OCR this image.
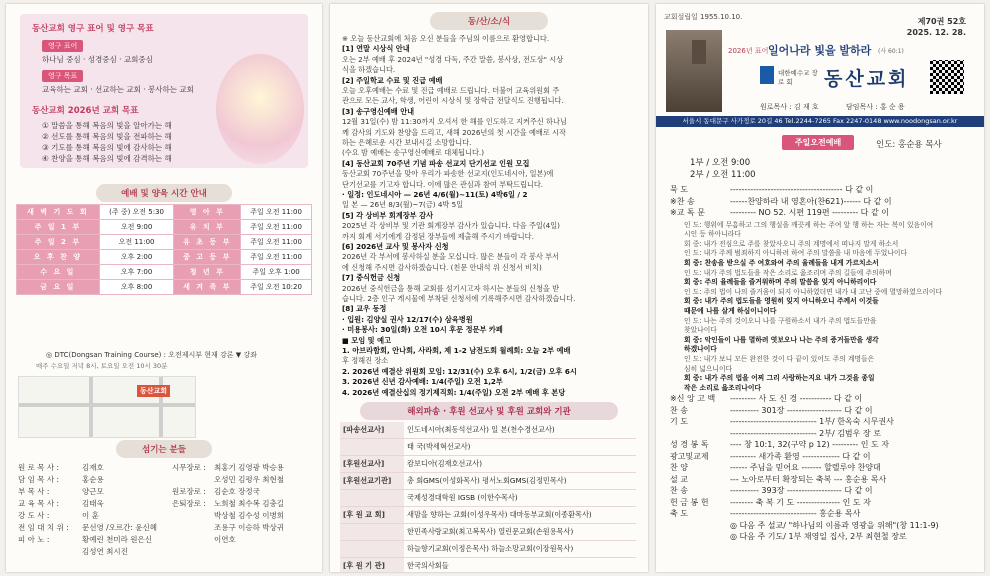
동산교회 영구 표어 및 영구 목표
영구 표어
하나님 중심 · 성경중심 · 교회중심
영구 목표
교육하는 교회 · 선교하는 교회 · 봉사하는 교회
동산교회 2026년 교회 목표
① 말씀을 통해 복음의 빛을 알아가는 해
② 선도를 통해 복음의 빛을 전파하는 해
③ 기도를 통해 복음의 빛에 감사하는 해
④ 찬양을 통해 복음의 빛에 감격하는 해
예배 및 양육 시간 안내
새 벽 기 도 회	(주 중) 오전 5:30	영 아 부	주일 오전 11:00
주 일 1 부	오전 9:00	유 치 부	주일 오전 11:00
주 일 2 부	오전 11:00	유 초 등 부	주일 오전 11:00
오 후 찬 양	오후 2:00	중 고 등 부	주일 오전 11:00
수 요 일	오후 7:00	청 년 부	주일 오후 1:00
금 요 일	오후 8:00	세 겨 족 부	주일 오전 10:20
◎ DTC(Dongsan Training Course) : 오전제시부 현재 강론 ▼ 강좌
매주 수요일 저녁 8시, 토요일 오전 10시 30분
동산교회
섬기는 분들
원 로 목 사 :	김재호	시무장로 : 최홍기 김영광 박승용
담 임 목 사 :	홍순용	오성민 김평우 최현철
부 목 사 :	양근모	원로장로 : 김순호 장정국
교 육 목 사 :	김태욱	은퇴장로 : 노희철 최수복 김충길
강 도 사 :	이 훈	박상철 김수성 이병희
전 임 대 치 위 : 문선영 /오르간: 윤신혜	조용구 이승하 박상귀
피 아 노 :	황예린 천미라 원은신	이연호
김성연 최시진
동/산/소/식
※ 오늘 동산교회에 처음 오신 분들을 주님의 이름으로 환영합니다.
[1] 연말 시상식 안내
오는 2부 예배 후 2024년 "성경 다독, 주간 말씀, 봉사상, 전도상" 시상
식을 하겠습니다.
[2] 주일학교 수료 및 진급 예배
오늘 오후예배는 수료 및 진급 예배로 드립니다. 더불어 교육위원회 주
관으로 모든 교사, 학생, 어린이 시상식 및 장학금 전달식도 진행됩니다.
[3] 송구영신예배 안내
12월 31일(수) 밤 11:30까지 오셔서 한 해를 인도하고 지켜주신 하나님
께 감사의 기도와 찬양을 드리고, 새해 2026년의 첫 시간을 예배로 시작
하는 은혜로운 시간 보내시길 소망합니다.
(수요 밤 예배는 송구영신예배로 대체됩니다.)
[4] 동산교회 70주년 기념 파송 선교지 단기선교 인원 모집
동산교회 70주년을 맞아 우리가 파송한 선교지(인도네시아, 일본)에
단기선교를 기고자 합니다. 이에 많은 관심과 참여 부탁드립니다.
· 일정: 인도네시아 — 26년 4/6(월)~11(토) 4박6일 / 2
일 본 — 26년 8/3(월)~7(금) 4박 5일
[5] 각 상비부 회계장부 감사
2025년 각 상비부 및 기관 회계장부 감사가 있습니다. 다음 주일(4일)
까지 회계 서기에게 감정된 장부들에 제출해 주시기 바랍니다.
[6] 2026년 교사 및 봉사자 신청
2026년 각 부서에 봉사하실 분을 모십니다. 많은 분들이 각 봉사 부서
에 신청해 주시면 감사하겠습니다. (친문 안내석 위 신청서 비치)
[7] 중식헌금 신청
2026년 중식헌금을 통해 교회를 섬기시고자 하시는 분들의 신청을 받
습니다. 2층 인구 게시물에 부착된 신청서에 기록해주시면 감사하겠습니다.
[8] 교우 동정
· 입원: 김양실 권사 12/17(수) 삼육병원
· 미용봉사: 30일(화) 오전 10시 후문 정문부 카페
■ 모임 및 예고
1. 아브라함회, 안나회, 사라회, 제 1-2 남전도회 월례회: 오늘 2부 예배
후 정해진 장소
2. 2026년 예결산 위원회 모임: 12/31(수) 오후 6시, 1/2(금) 오후 6시
3. 2026년 신년 감사예배: 1/4(주일) 오전 1,2부
4. 2026년 예결산십의 정기제직회: 1/4(주일) 오전 2부 예배 후 본당
해외파송 · 후원 선교사 및 후원 교회와 기관
[파송선교사]	인도네시아(최동석선교사) 일 본(천수경선교사)
	태 국(박세혁선교사)
[후원선교사]	캄보디아(김재호선교사)
[후원선교기관]	총 회GMS(이성화목사) 평서노회GMS(김정민목사)
	국제성경대학원 IGSB (이한수목사)
[후 원 교 회]	새맘을 향하는 교회(이성우목사) 대마동부교회(이종환목사)
	한민족사랑교회(최고복목사) 열린문교회(손원용목사)
	하늘향기교회(이정은목사) 하늘소망교회(이장원목사)
[후 원 기 관]	한국의사회들
교회설립일 1955.10.10.	제70권 52호
2025. 12. 28.
2026년 표어 일어나라 빛을 발하라 (사 60:1)
대한예수교 장 로 회	동산교회
원로목사 : 김 재 호	담임목사 : 홍 순 용
서울시 동대문구 사가정로 20길 46 Tel.2244-7265 Fax 2247-0148 www.noodongsan.or.kr
주일오전예배	인도: 홍순용 목사
1부 / 오전 9:00
2부 / 오전 11:00
묵 도	--------------------------------------- 다 같 이
※찬 송	------찬양하라 내 영혼아(찬621)------ 다 같 이
※교 독 문	--------- NO 52. 시편 119편 --------- 다 같 이
인 도: 행위에 무흠하고 그의 행실을 깨끗케 하는 주여 앞 행 하는 자는 복이 있음이여
시인 등 하아니라다
회 중: 내가 전심으로 주를 찾았사오니 주의 계명에서 떠나지 말게 하소서
인 도: 내가 주께 범죄하지 아니하려 하여 주의 말씀을 내 마음에 두었나이다
회 중: 찬송을 받으실 주 여호와여 주의 율례들을 내게 가르치소서
인 도: 내가 주의 법도들을 작은 소리로 읊조리며 주의 길들에 주의하며
회 중: 주의 율례들을 즐거워하며 주의 말씀을 잊지 아니하리이다
인 도: 주의 법이 나의 즐거움이 되지 아니하였더면 내가 내 고난 중에 멸망하였으리이다
회 중: 내가 주의 법도들을 영원히 잊지 아니하오니 주께서 이것들
때문에 나를 살게 하심이니이다
인 도: 나는 주의 것이오니 나를 구원하소서 내가 주의 법도들만을
찾았나이다
회 중: 악인들이 나를 멸하려 엿보오나 나는 주의 증거들만을 생각
하겠나이다
인 도: 내가 보니 모든 완전한 것이 다 끝이 있어도 주의 계명들은
심히 넓으니이다
회 중: 내가 주의 법을 어찌 그리 사랑하는지요 내가 그것을 종일
작은 소리로 읊조리나이다
※신 앙 고 백 --------- 사 도 신 경 ----------- 다 같 이
찬 송	---------- 301장 ------------------- 다 같 이
기 도	------------------------------ 1부/ 한옥숙 시무권사
------------------------------ 2부/ 김범우 장 로
성 경 봉 독	---- 창 10:1, 32(구약 p 12) --------- 인 도 자
광고및교제	--------- 새가족 환영 ------------- 다 같 이
찬 양	------ 주님을 믿어요 ------- 할렐루야 찬양대
설 교	--- 노아로부터 확장되는 축복 --- 홍순용 목사
찬 송	---------- 393장 ------------------- 다 같 이
헌 금 봉 헌	-------- 축 복 기 도 --------------- 인 도 자
축 도	------------------------------ 홍순용 목사
◎ 다음 주 설교/ "하나님의 이름과 영광을 위해"(창 11:1-9)
◎ 다음 주 기도/ 1부 채영일 집사, 2부 최현철 장로
